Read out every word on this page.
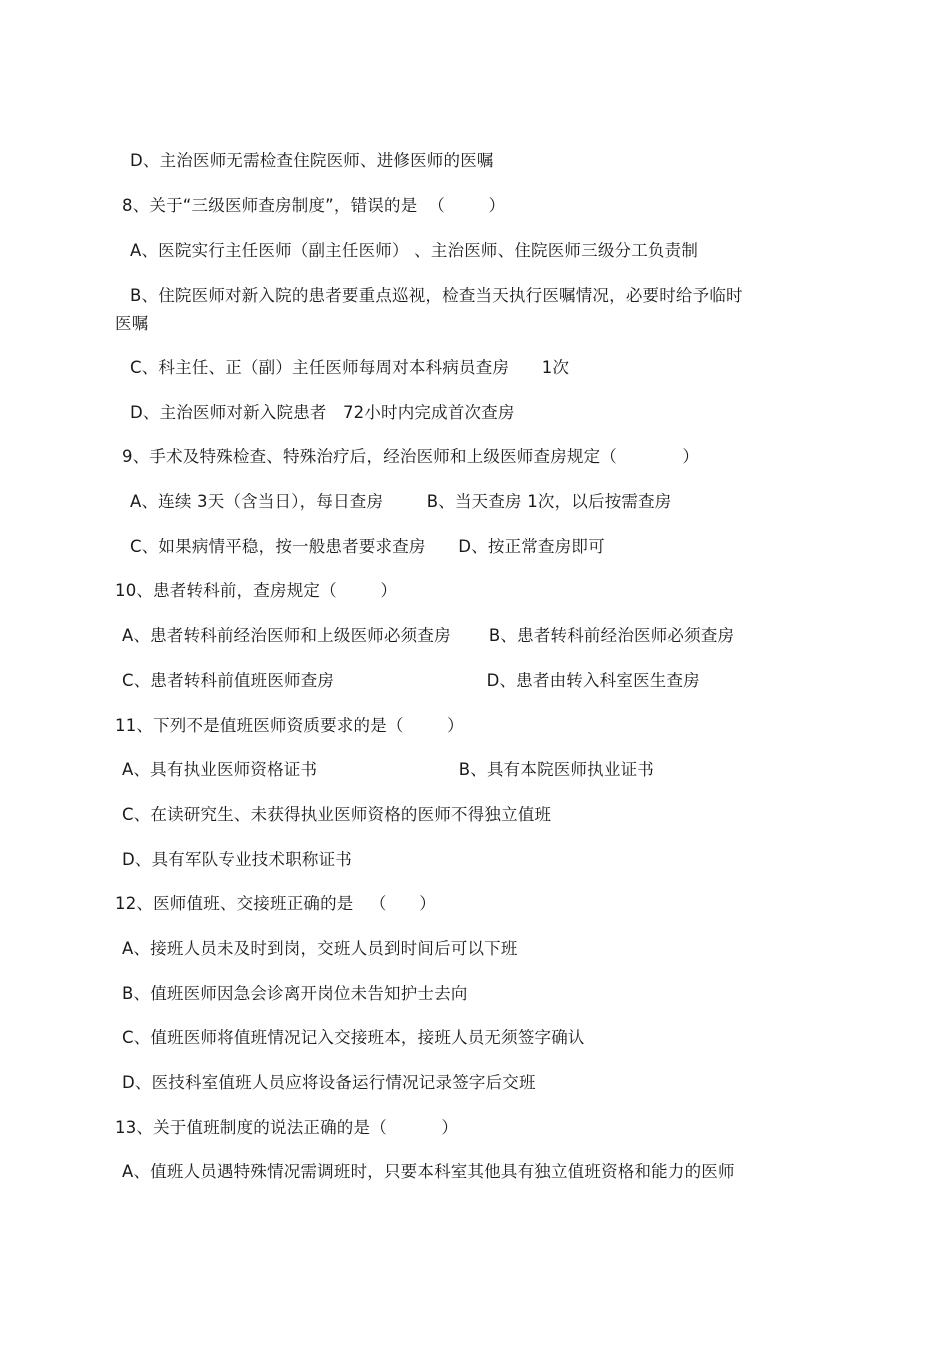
D、主治医师无需检查住院医师、进修医师的医嘱
8、关于“三级医师查房制度”，错误的是  （        ）
A、医院实行主任医师（副主任医师） 、主治医师、住院医师三级分工负责制
B、住院医师对新入院的患者要重点巡视，检查当天执行医嘱情况，必要时给予临时
医嘱
C、科主任、正（副）主任医师每周对本科病员查房      1次
D、主治医师对新入院患者   72小时内完成首次查房
9、手术及特殊检查、特殊治疗后，经治医师和上级医师查房规定（            ）
A、连续 3天（含当日），每日查房        B、当天查房 1次，以后按需查房
C、如果病情平稳，按一般患者要求查房      D、按正常查房即可
10、患者转科前，查房规定（        ）
A、患者转科前经治医师和上级医师必须查房       B、患者转科前经治医师必须查房
C、患者转科前值班医师查房                            D、患者由转入科室医生查房
11、下列不是值班医师资质要求的是（        ）
A、具有执业医师资格证书                          B、具有本院医师执业证书
C、在读研究生、未获得执业医师资格的医师不得独立值班
D、具有军队专业技术职称证书
12、医师值班、交接班正确的是   （      ）
A、接班人员未及时到岗，交班人员到时间后可以下班
B、值班医师因急会诊离开岗位未告知护士去向
C、值班医师将值班情况记入交接班本，接班人员无须签字确认
D、医技科室值班人员应将设备运行情况记录签字后交班
13、关于值班制度的说法正确的是（          ）
A、值班人员遇特殊情况需调班时，只要本科室其他具有独立值班资格和能力的医师
